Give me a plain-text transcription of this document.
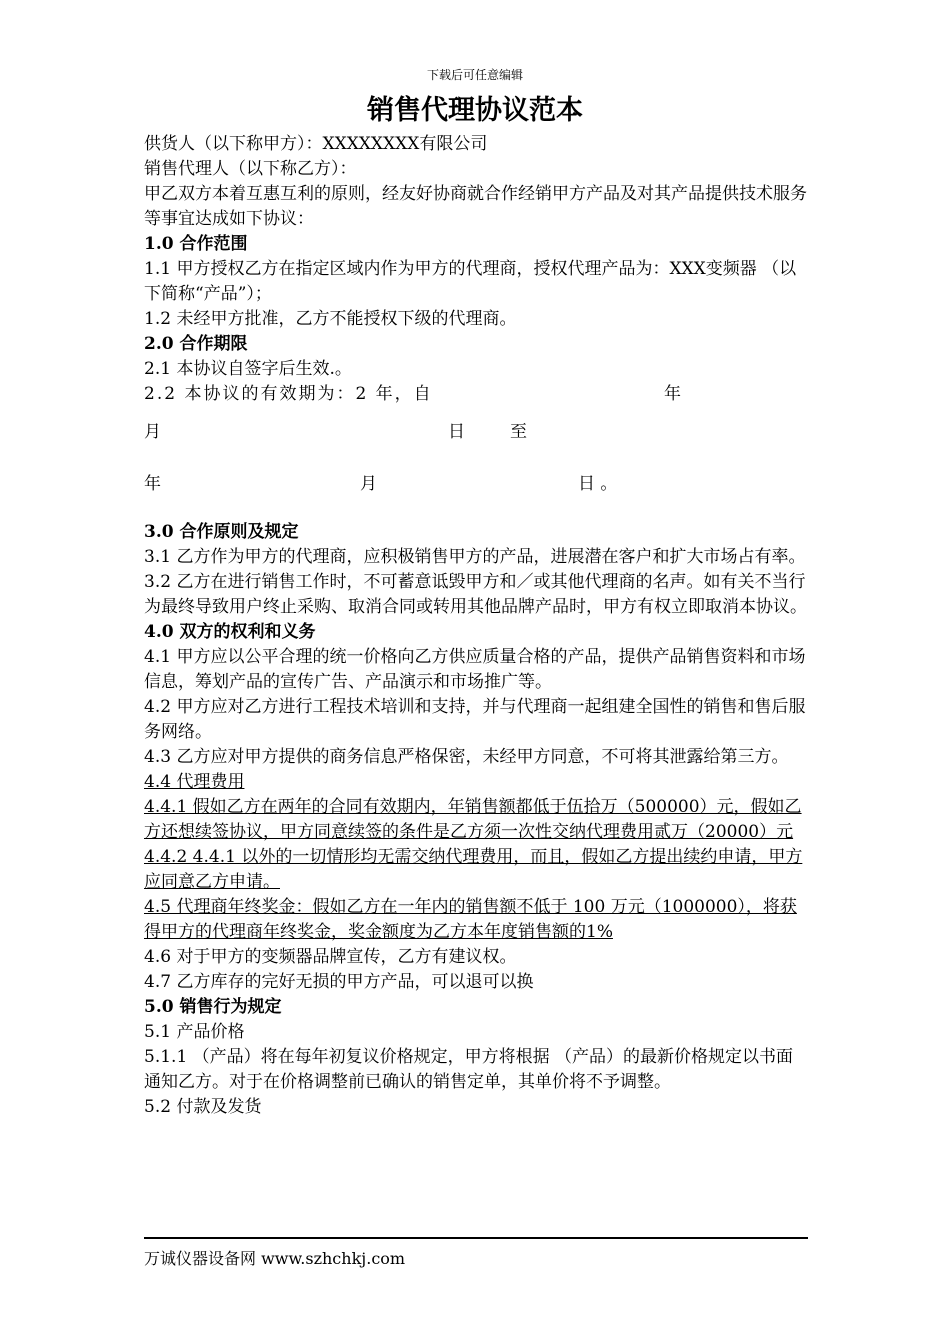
下载后可任意编辑
销售代理协议范本

供货人（以下称甲方）：XXXXXXXX有限公司

销售代理人（以下称乙方）：

甲乙双方本着互惠互利的原则，经友好协商就合作经销甲方产品及对其产品提供技术服务等事宜达成如下协议：

1.0 合作范围

1.1 甲方授权乙方在指定区域内作为甲方的代理商，授权代理产品为：XXX变频器 （以下简称“产品”）；

1.2 未经甲方批准，乙方不能授权下级的代理商。

2.0 合作期限

2.1 本协议自签字后生效.。

2.2 本协议的有效期为：2 年，自	年
月	日	至
年	月	日 。

3.0 合作原则及规定

3.1 乙方作为甲方的代理商，应积极销售甲方的产品，进展潜在客户和扩大市场占有率。

3.2 乙方在进行销售工作时，不可蓄意诋毁甲方和／或其他代理商的名声。如有关不当行为最终导致用户终止采购、取消合同或转用其他品牌产品时，甲方有权立即取消本协议。

4.0 双方的权利和义务

4.1 甲方应以公平合理的统一价格向乙方供应质量合格的产品，提供产品销售资料和市场信息，筹划产品的宣传广告、产品演示和市场推广等。

4.2 甲方应对乙方进行工程技术培训和支持，并与代理商一起组建全国性的销售和售后服务网络。

4.3 乙方应对甲方提供的商务信息严格保密，未经甲方同意，不可将其泄露给第三方。

4.4 代理费用

4.4.1 假如乙方在两年的合同有效期内，年销售额都低于伍拾万（500000）元，假如乙方还想续签协议，甲方同意续签的条件是乙方须一次性交纳代理费用贰万（20000）元

4.4.2 4.4.1 以外的一切情形均无需交纳代理费用，而且，假如乙方提出续约申请，甲方应同意乙方申请。

4.5 代理商年终奖金：假如乙方在一年内的销售额不低于 100 万元（1000000），将获得甲方的代理商年终奖金，奖金额度为乙方本年度销售额的1%

4.6 对于甲方的变频器品牌宣传，乙方有建议权。

4.7 乙方库存的完好无损的甲方产品，可以退可以换

5.0 销售行为规定

5.1 产品价格

5.1.1 （产品）将在每年初复议价格规定，甲方将根据 （产品）的最新价格规定以书面通知乙方。对于在价格调整前已确认的销售定单，其单价将不予调整。

5.2 付款及发货

万诚仪器设备网 www.szhchkj.com
